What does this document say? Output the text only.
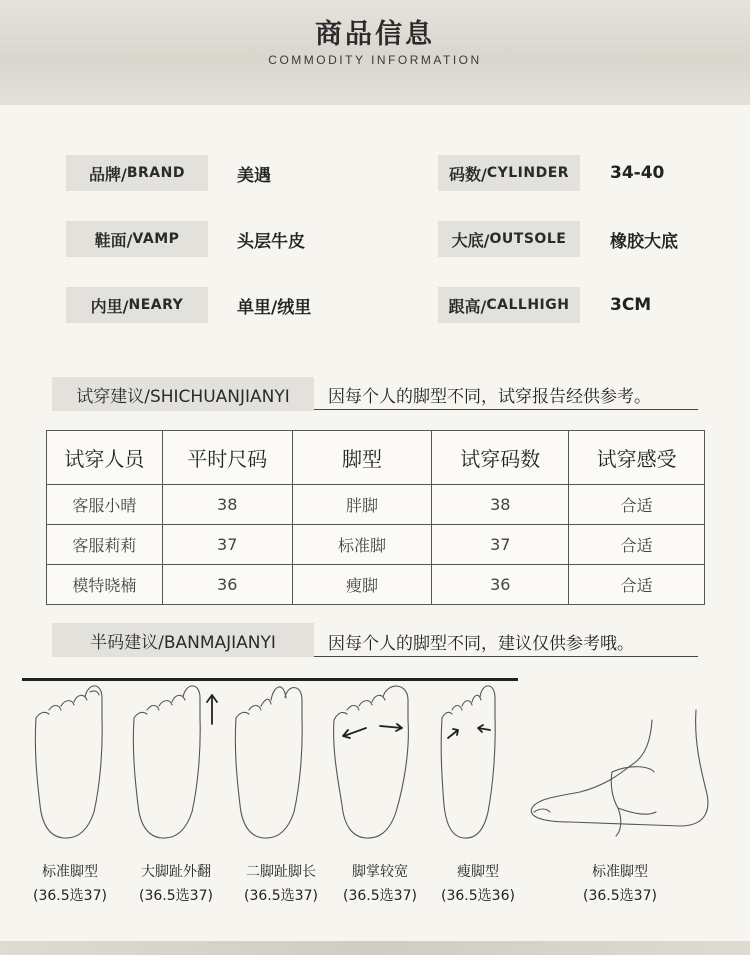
商品信息
COMMODITY INFORMATION
品牌/ BRAND	美遇	码数/ CYLINDER 34-40
鞋面/ VAMP	头层牛皮	大底/ OUTSOLE	橡胶大底
内里/ NEARY	单里/绒里	跟高/ CALLHIGH 3CM
试穿建议/SHICHUANJIANYI	因每个人的脚型不同，试穿报告经供参考。
试穿人员	平时尺码	脚型	试穿码数	试穿感受
客服小晴	38	胖脚	38	合适
客服莉莉	37	标准脚	37	合适
模特晓楠	36	瘦脚	36	合适
半码建议/BANMAJIANYI	因每个人的脚型不同，建议仅供参考哦。
标准脚型
(36.5选37)
大脚趾外翻
(36.5选37)
二脚趾脚长
(36.5选37)
脚掌较宽
(36.5选37)
瘦脚型
(36.5选36)
标准脚型
(36.5选37)
